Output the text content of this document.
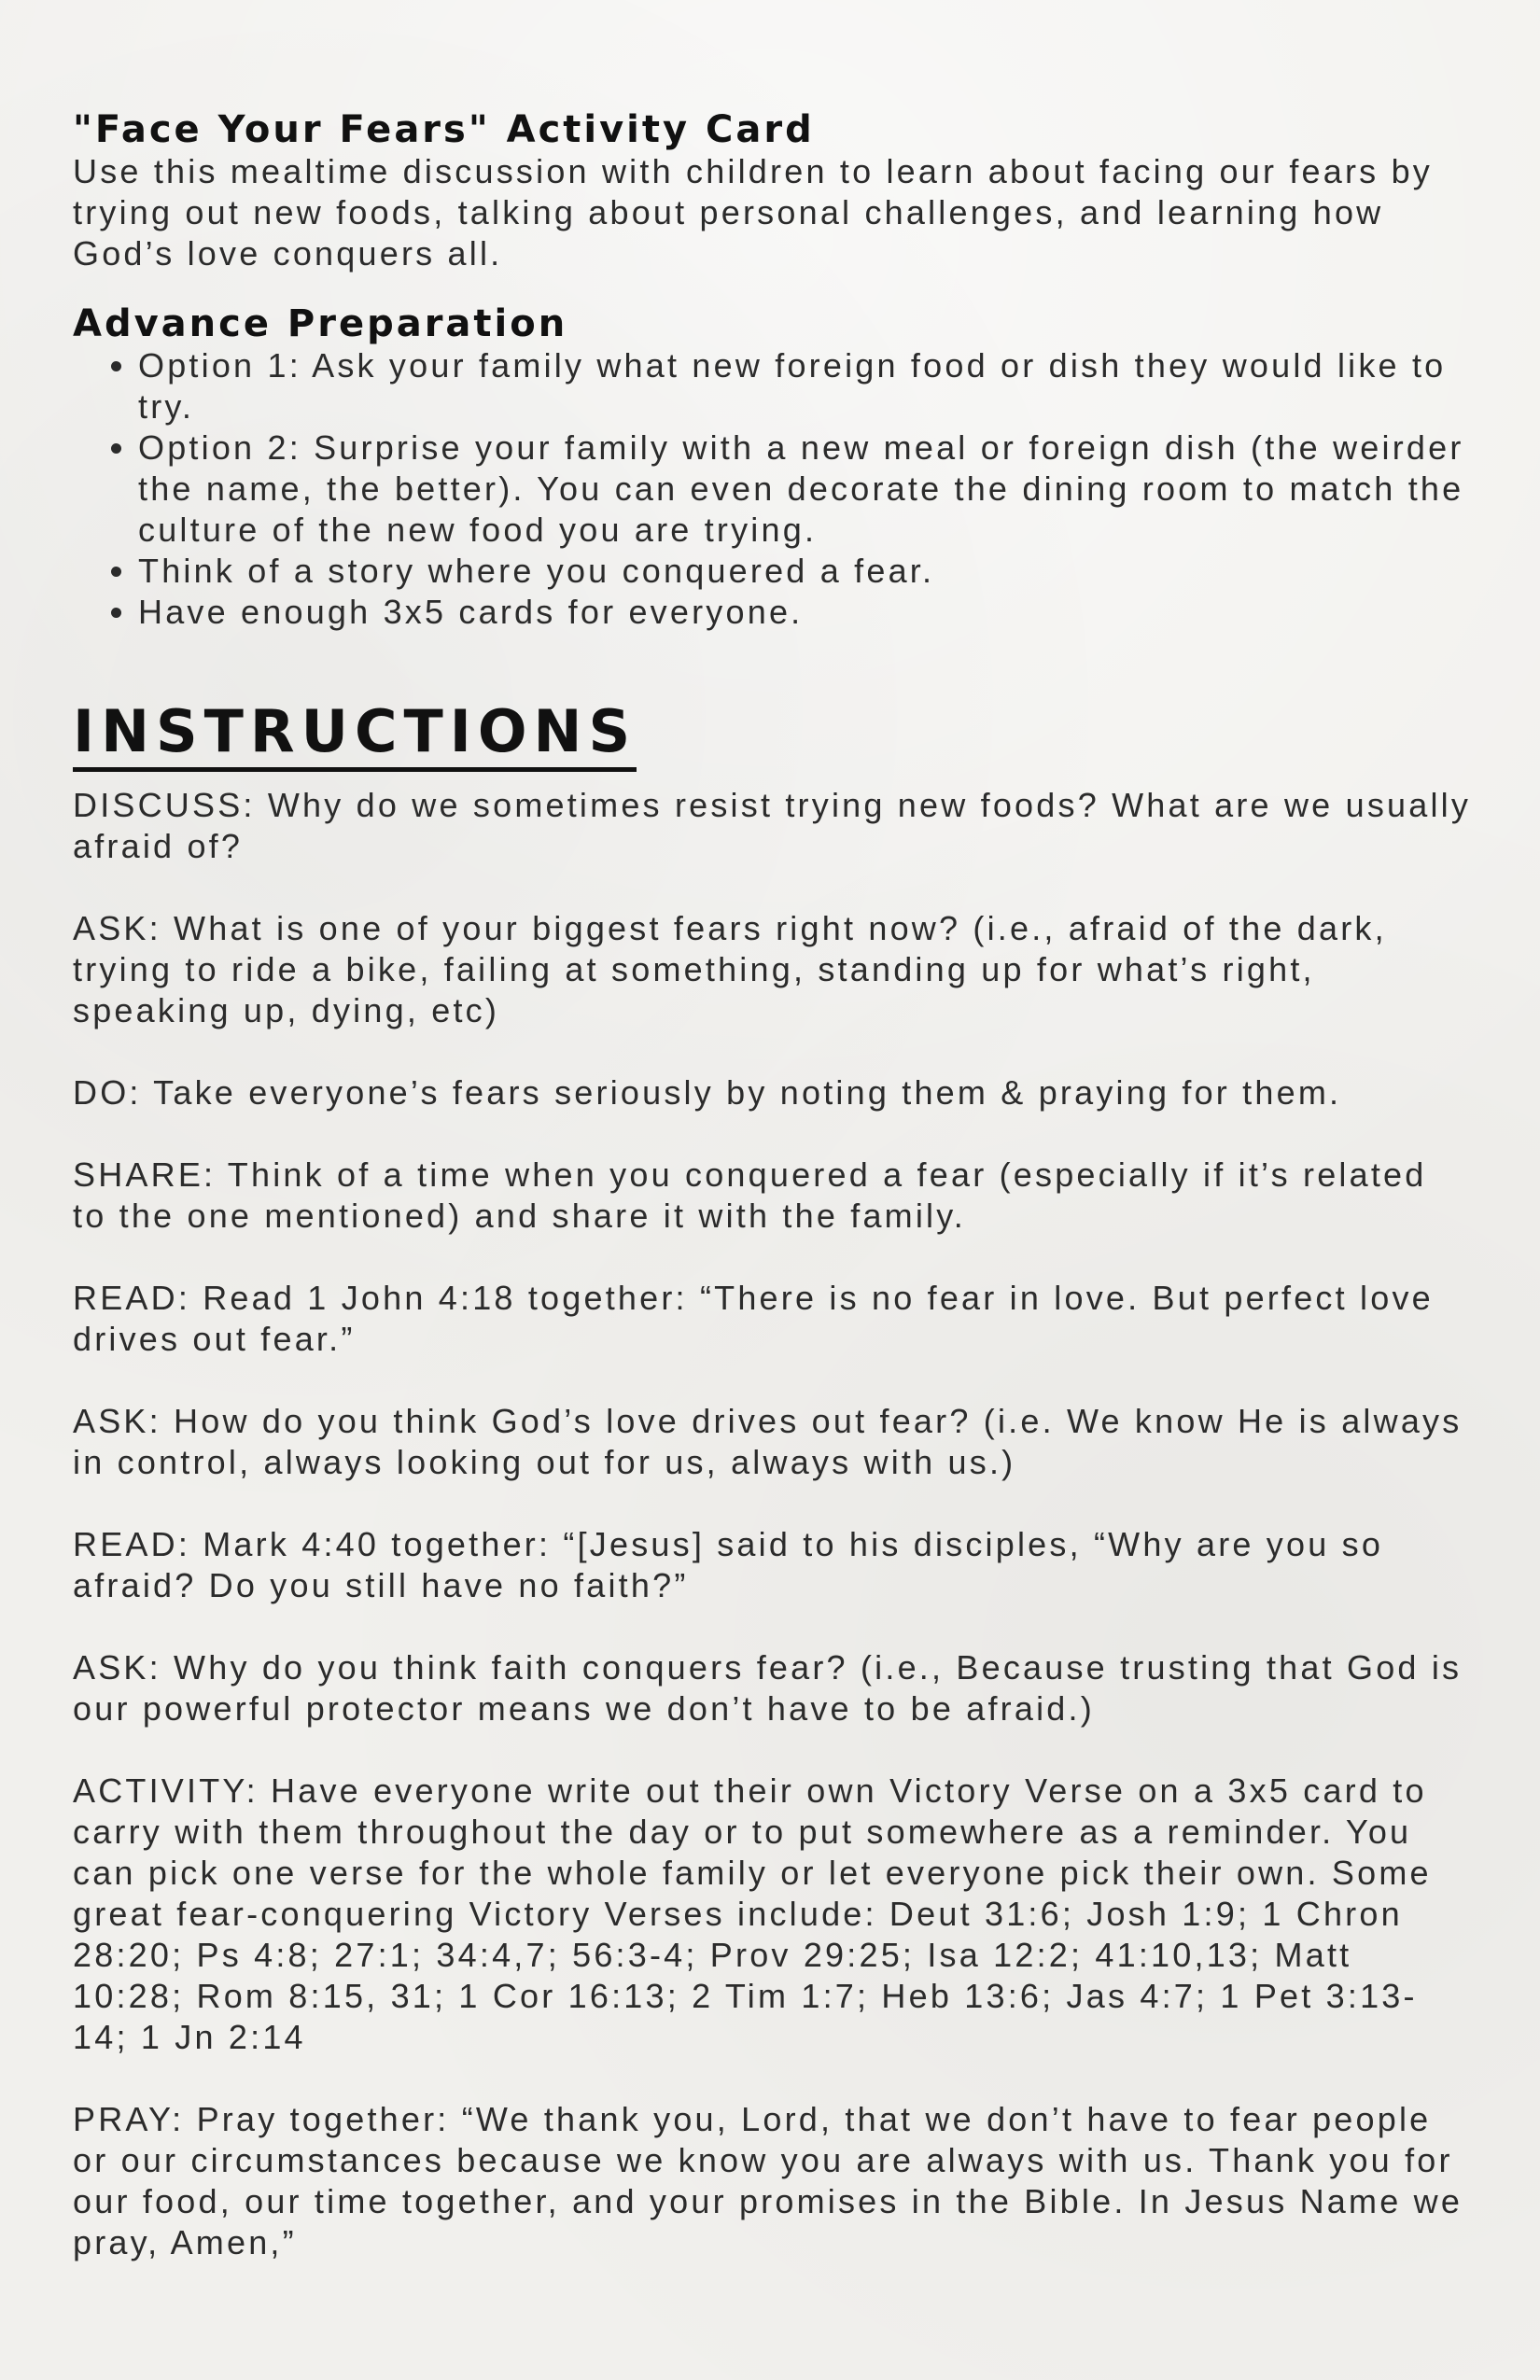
"Face Your Fears" Activity Card

Use this mealtime discussion with children to learn about facing our fears by trying out new foods, talking about personal challenges, and learning how God’s love conquers all.

Advance Preparation
• Option 1: Ask your family what new foreign food or dish they would like to try.
• Option 2: Surprise your family with a new meal or foreign dish (the weirder the name, the better). You can even decorate the dining room to match the culture of the new food you are trying.
• Think of a story where you conquered a fear.
• Have enough 3x5 cards for everyone.
INSTRUCTIONS

DISCUSS: Why do we sometimes resist trying new foods? What are we usually afraid of?

ASK: What is one of your biggest fears right now? (i.e., afraid of the dark, trying to ride a bike, failing at something, standing up for what’s right, speaking up, dying, etc)

DO: Take everyone’s fears seriously by noting them & praying for them.

SHARE: Think of a time when you conquered a fear (especially if it’s related to the one mentioned) and share it with the family.

READ: Read 1 John 4:18 together: “There is no fear in love. But perfect love drives out fear.”

ASK: How do you think God’s love drives out fear? (i.e. We know He is always in control, always looking out for us, always with us.)

READ: Mark 4:40 together: “[Jesus] said to his disciples, “Why are you so afraid? Do you still have no faith?”

ASK: Why do you think faith conquers fear? (i.e., Because trusting that God is our powerful protector means we don’t have to be afraid.)

ACTIVITY: Have everyone write out their own Victory Verse on a 3x5 card to carry with them throughout the day or to put somewhere as a reminder. You can pick one verse for the whole family or let everyone pick their own. Some great fear-conquering Victory Verses include: Deut 31:6; Josh 1:9; 1 Chron 28:20; Ps 4:8; 27:1; 34:4,7; 56:3-4; Prov 29:25; Isa 12:2; 41:10,13; Matt 10:28; Rom 8:15, 31; 1 Cor 16:13; 2 Tim 1:7; Heb 13:6; Jas 4:7; 1 Pet 3:13-14; 1 Jn 2:14

PRAY: Pray together: “We thank you, Lord, that we don’t have to fear people or our circumstances because we know you are always with us. Thank you for our food, our time together, and your promises in the Bible. In Jesus Name we pray, Amen,”
